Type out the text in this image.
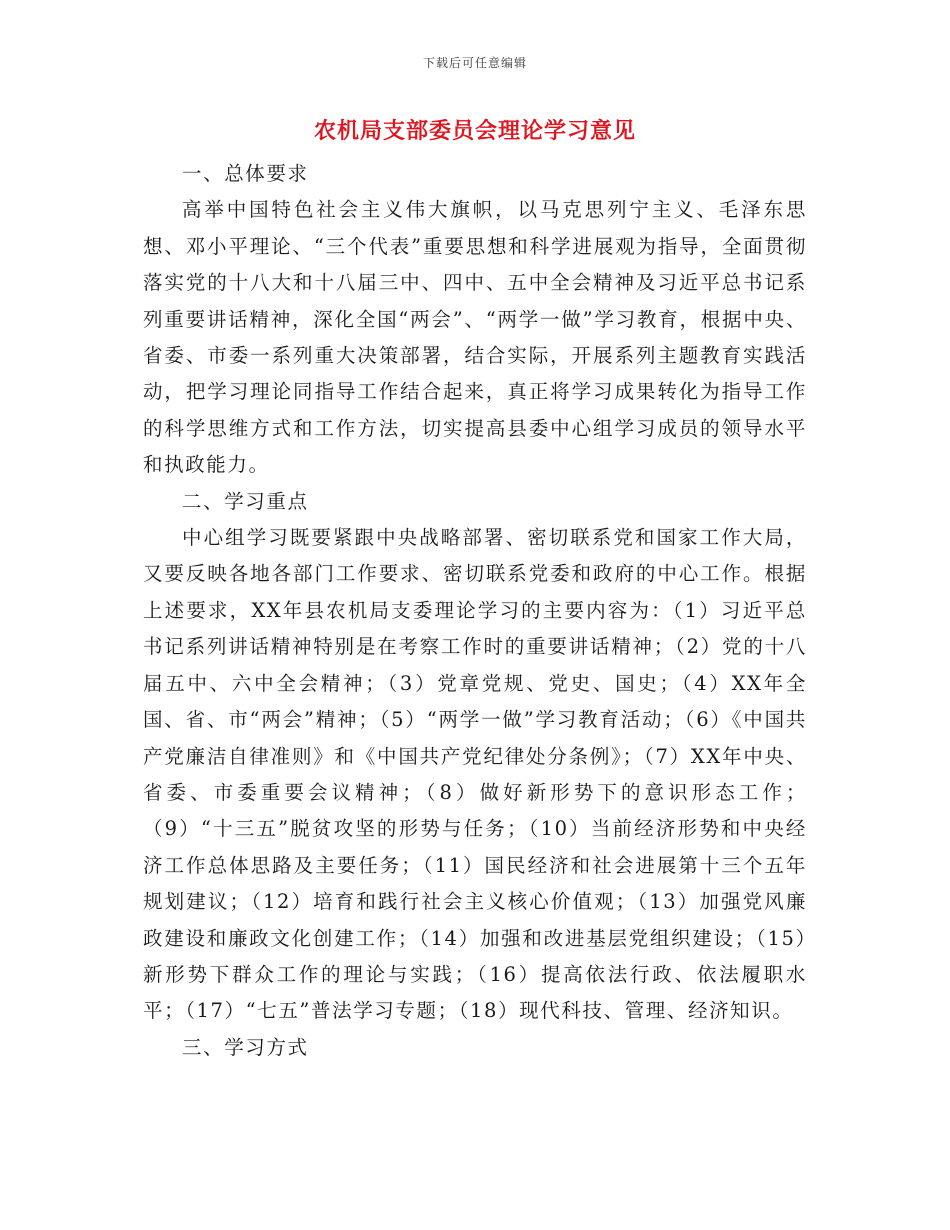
下载后可任意编辑
农机局支部委员会理论学习意见

一、总体要求

高举中国特色社会主义伟大旗帜，以马克思列宁主义、毛泽东思想、邓小平理论、“三个代表”重要思想和科学进展观为指导，全面贯彻落实党的十八大和十八届三中、四中、五中全会精神及习近平总书记系列重要讲话精神，深化全国“两会”、“两学一做”学习教育，根据中央、省委、市委一系列重大决策部署，结合实际，开展系列主题教育实践活动，把学习理论同指导工作结合起来，真正将学习成果转化为指导工作的科学思维方式和工作方法，切实提高县委中心组学习成员的领导水平和执政能力。

二、学习重点

中心组学习既要紧跟中央战略部署、密切联系党和国家工作大局，又要反映各地各部门工作要求、密切联系党委和政府的中心工作。根据上述要求，XX年县农机局支委理论学习的主要内容为：（1）习近平总书记系列讲话精神特别是在考察工作时的重要讲话精神；（2）党的十八届五中、六中全会精神；（3）党章党规、党史、国史；（4）XX年全国、省、市“两会”精神；（5）“两学一做”学习教育活动；（6）《中国共产党廉洁自律准则》和《中国共产党纪律处分条例》；（7）XX年中央、省委、市委重要会议精神；（8）做好新形势下的意识形态工作；（9）“十三五”脱贫攻坚的形势与任务；（10）当前经济形势和中央经济工作总体思路及主要任务；（11）国民经济和社会进展第十三个五年规划建议；（12）培育和践行社会主义核心价值观；（13）加强党风廉政建设和廉政文化创建工作；（14）加强和改进基层党组织建设；（15）新形势下群众工作的理论与实践；（16）提高依法行政、依法履职水平；（17）“七五”普法学习专题；（18）现代科技、管理、经济知识。

三、学习方式
